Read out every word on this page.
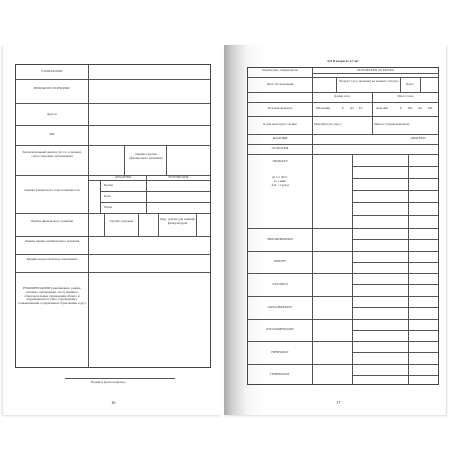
СТОМАТОЛОГ
ПЕДИАТОР, ПСИХОЛОГ
Другое
ЭКГ
Заключительный диагноз (в т.ч. основной, сопутствующие заболевания)	Оценка группы (физического развития)
Оценка физического подготовленности
АНАЛИЗЫ	РЕЗУЛЬТАТЫ
Крови
Кала
Мочи
Оценка физического развития	Группа здоровья	Мед. группа для занятий физкультурой
Оценка нервно-психического развития
Медико-педагогическое заключение
РЕКОМЕНДАЦИИ (закаливание, режим, питание, наблюдение, поступление в образовательные учреждения общего и коррекционного типа, учреждения с повышенными содержанием образования и др.)
Подпись врача-педиатра
16
К.6 В возрасте 12 лет
Параметры, специалисты	РЕЗУЛЬТАТЫ ОСМОТРА
Дата обследования
Возраст (лет, месяцев) на момент осмотра
Класс
Длина тела	Масса тела
Половая формула	Мальчики	P Ax Fa	Девочки	P Ma Ax Me
Б или менструал. ф-ция	Менорбе (лет, мес.)	Менсес (характеристика)
ЖАЛОБЫ	ДИАГНОЗ
ОСМОТРЫ
ПЕДИАТР
(в т.ч. ЧСС
за 1 мин;
АД – 3 раза)
ЭНДОКРИНОЛОГ
ХИРУРГ
ОРТОПЕД
ОФТАЛЬМОЛОГ
ОТОЛАРИНГОЛОГ
НЕВРОЛОГ
ГИНЕКОЛОГ
17
